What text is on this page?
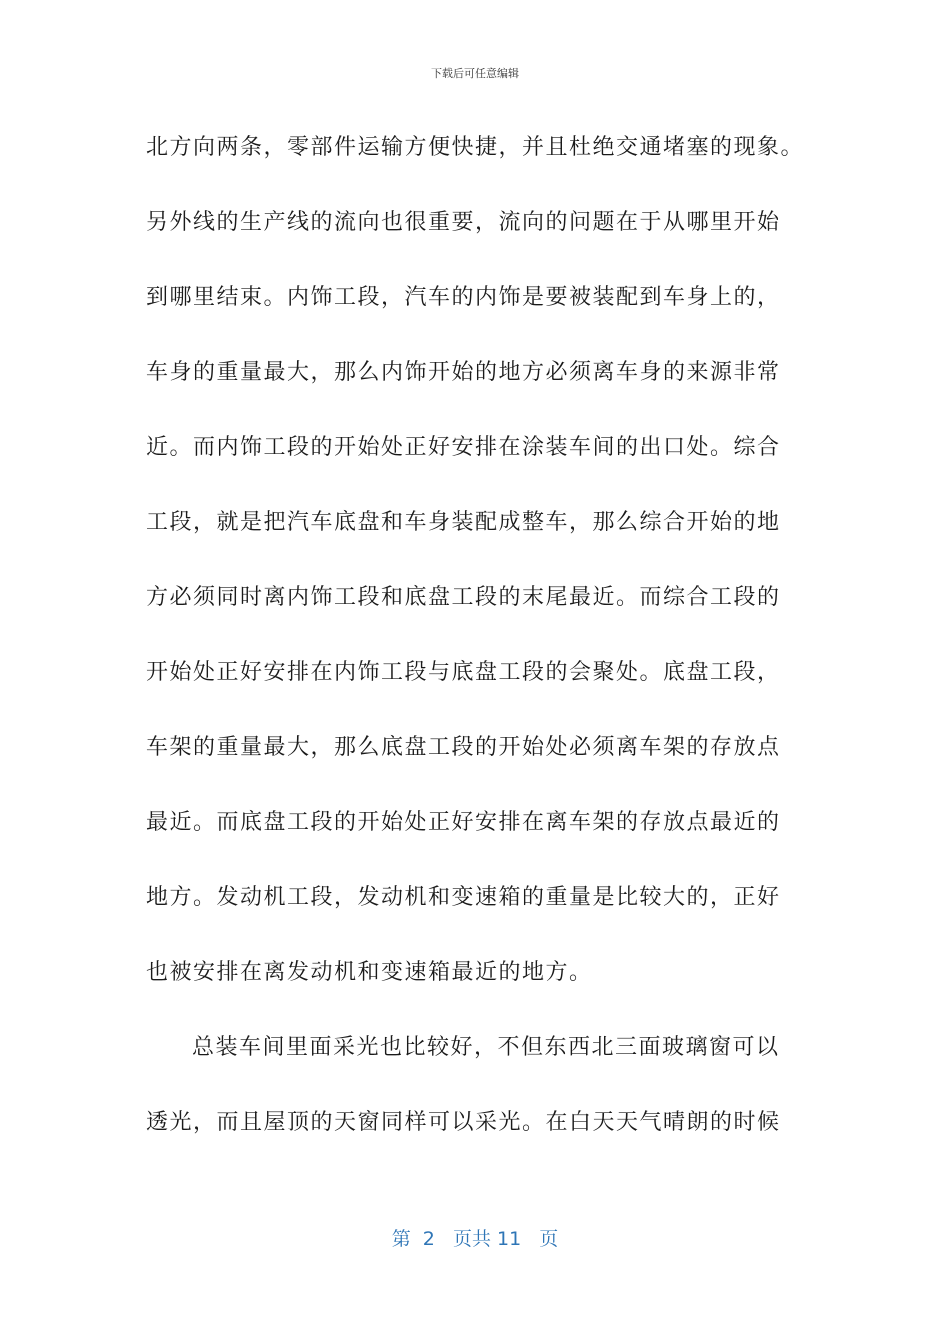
下载后可任意编辑
北方向两条，零部件运输方便快捷，并且杜绝交通堵塞的现象。
另外线的生产线的流向也很重要，流向的问题在于从哪里开始
到哪里结束。内饰工段，汽车的内饰是要被装配到车身上的，
车身的重量最大，那么内饰开始的地方必须离车身的来源非常
近。而内饰工段的开始处正好安排在涂装车间的出口处。综合
工段，就是把汽车底盘和车身装配成整车，那么综合开始的地
方必须同时离内饰工段和底盘工段的末尾最近。而综合工段的
开始处正好安排在内饰工段与底盘工段的会聚处。底盘工段，
车架的重量最大，那么底盘工段的开始处必须离车架的存放点
最近。而底盘工段的开始处正好安排在离车架的存放点最近的
地方。发动机工段，发动机和变速箱的重量是比较大的，正好
也被安排在离发动机和变速箱最近的地方。
总装车间里面采光也比较好，不但东西北三面玻璃窗可以
透光，而且屋顶的天窗同样可以采光。在白天天气晴朗的时候
第  2   页共 11   页
